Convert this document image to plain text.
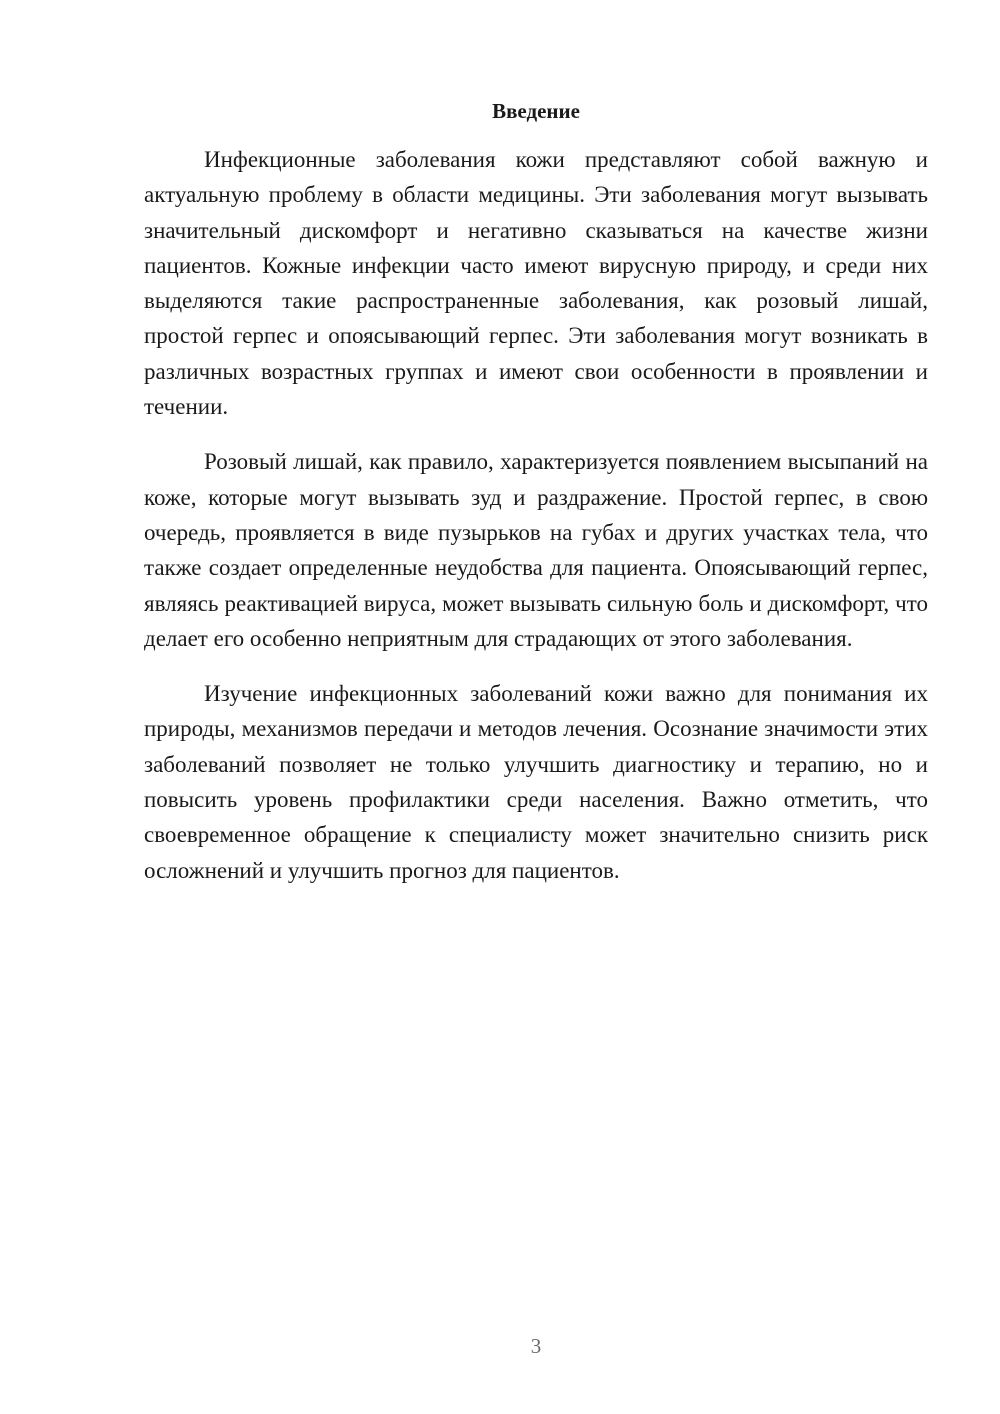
Введение

Инфекционные заболевания кожи представляют собой важную и актуальную проблему в области медицины. Эти заболевания могут вызывать значительный дискомфорт и негативно сказываться на качестве жизни пациентов. Кожные инфекции часто имеют вирусную природу, и среди них выделяются такие распространенные заболевания, как розовый лишай, простой герпес и опоясывающий герпес. Эти заболевания могут возникать в различных возрастных группах и имеют свои особенности в проявлении и течении.

Розовый лишай, как правило, характеризуется появлением высыпаний на коже, которые могут вызывать зуд и раздражение. Простой герпес, в свою очередь, проявляется в виде пузырьков на губах и других участках тела, что также создает определенные неудобства для пациента. Опоясывающий герпес, являясь реактивацией вируса, может вызывать сильную боль и дискомфорт, что делает его особенно неприятным для страдающих от этого заболевания.

Изучение инфекционных заболеваний кожи важно для понимания их природы, механизмов передачи и методов лечения. Осознание значимости этих заболеваний позволяет не только улучшить диагностику и терапию, но и повысить уровень профилактики среди населения. Важно отметить, что своевременное обращение к специалисту может значительно снизить риск осложнений и улучшить прогноз для пациентов.

3
